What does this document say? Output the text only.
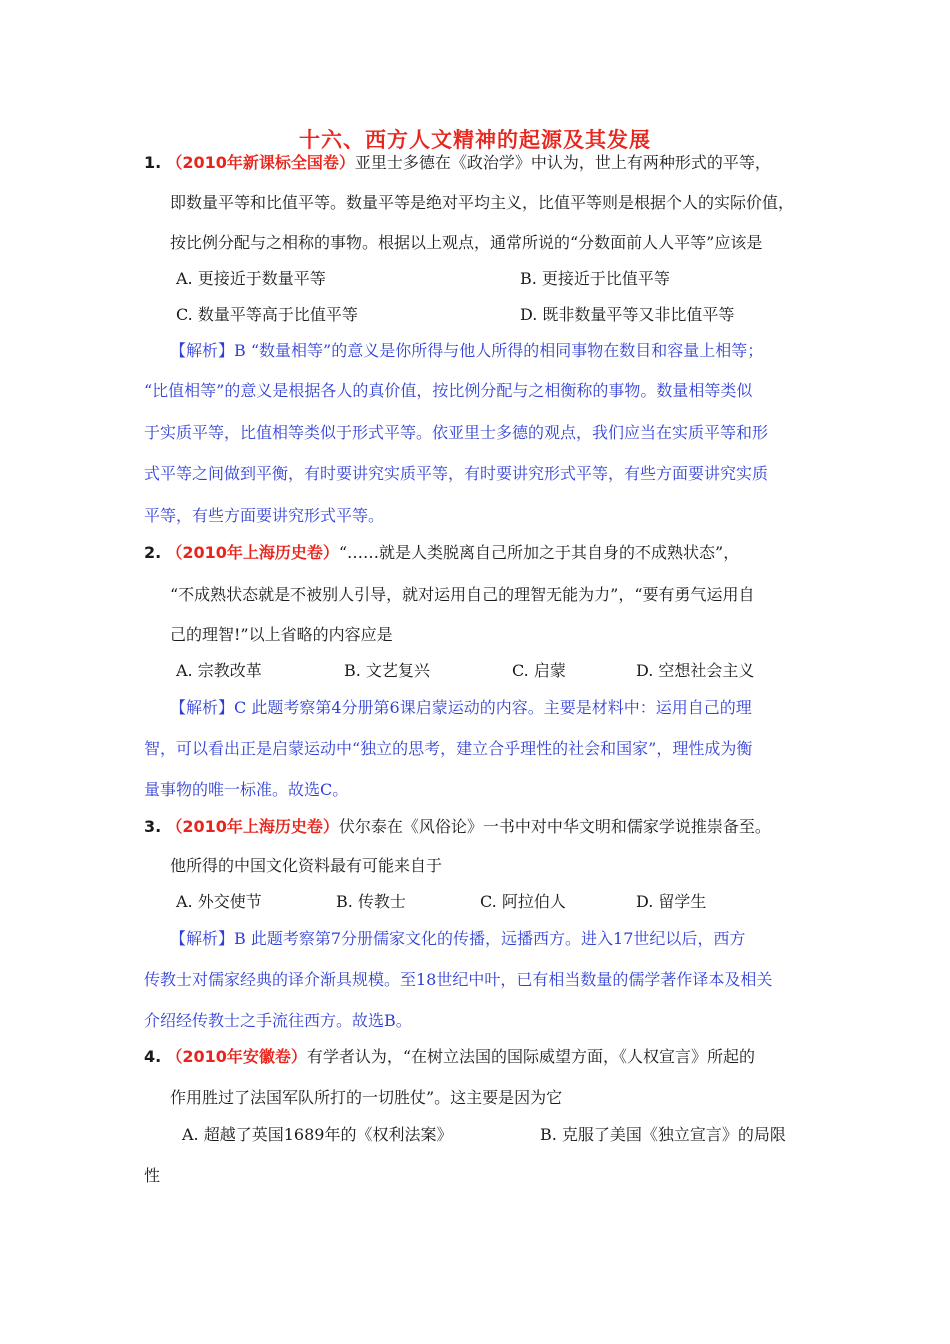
十六、西方人文精神的起源及其发展
1. （2010年新课标全国卷）亚里士多德在《政治学》中认为，世上有两种形式的平等，
即数量平等和比值平等。数量平等是绝对平均主义，比值平等则是根据个人的实际价值，
按比例分配与之相称的事物。根据以上观点，通常所说的“分数面前人人平等”应该是
A. 更接近于数量平等	B. 更接近于比值平等
C. 数量平等高于比值平等	D. 既非数量平等又非比值平等
【解析】B “数量相等”的意义是你所得与他人所得的相同事物在数目和容量上相等；
“比值相等”的意义是根据各人的真价值，按比例分配与之相衡称的事物。数量相等类似
于实质平等，比值相等类似于形式平等。依亚里士多德的观点，我们应当在实质平等和形
式平等之间做到平衡，有时要讲究实质平等，有时要讲究形式平等，有些方面要讲究实质
平等，有些方面要讲究形式平等。
2. （2010年上海历史卷）“……就是人类脱离自己所加之于其自身的不成熟状态”，
“不成熟状态就是不被别人引导，就对运用自己的理智无能为力”，“要有勇气运用自
己的理智!”以上省略的内容应是
A. 宗教改革	B. 文艺复兴	C. 启蒙	D. 空想社会主义
【解析】C 此题考察第4分册第6课启蒙运动的内容。主要是材料中：运用自己的理
智，可以看出正是启蒙运动中“独立的思考，建立合乎理性的社会和国家”，理性成为衡
量事物的唯一标准。故选C。
3. （2010年上海历史卷）伏尔泰在《风俗论》一书中对中华文明和儒家学说推崇备至。
他所得的中国文化资料最有可能来自于
A. 外交使节	B. 传教士	C. 阿拉伯人	D. 留学生
【解析】B 此题考察第7分册儒家文化的传播，远播西方。进入17世纪以后，西方
传教士对儒家经典的译介渐具规模。至18世纪中叶，已有相当数量的儒学著作译本及相关
介绍经传教士之手流往西方。故选B。
4. （2010年安徽卷）有学者认为，“在树立法国的国际威望方面，《人权宣言》所起的
作用胜过了法国军队所打的一切胜仗”。这主要是因为它
A. 超越了英国1689年的《权利法案》	B. 克服了美国《独立宣言》的局限
性
